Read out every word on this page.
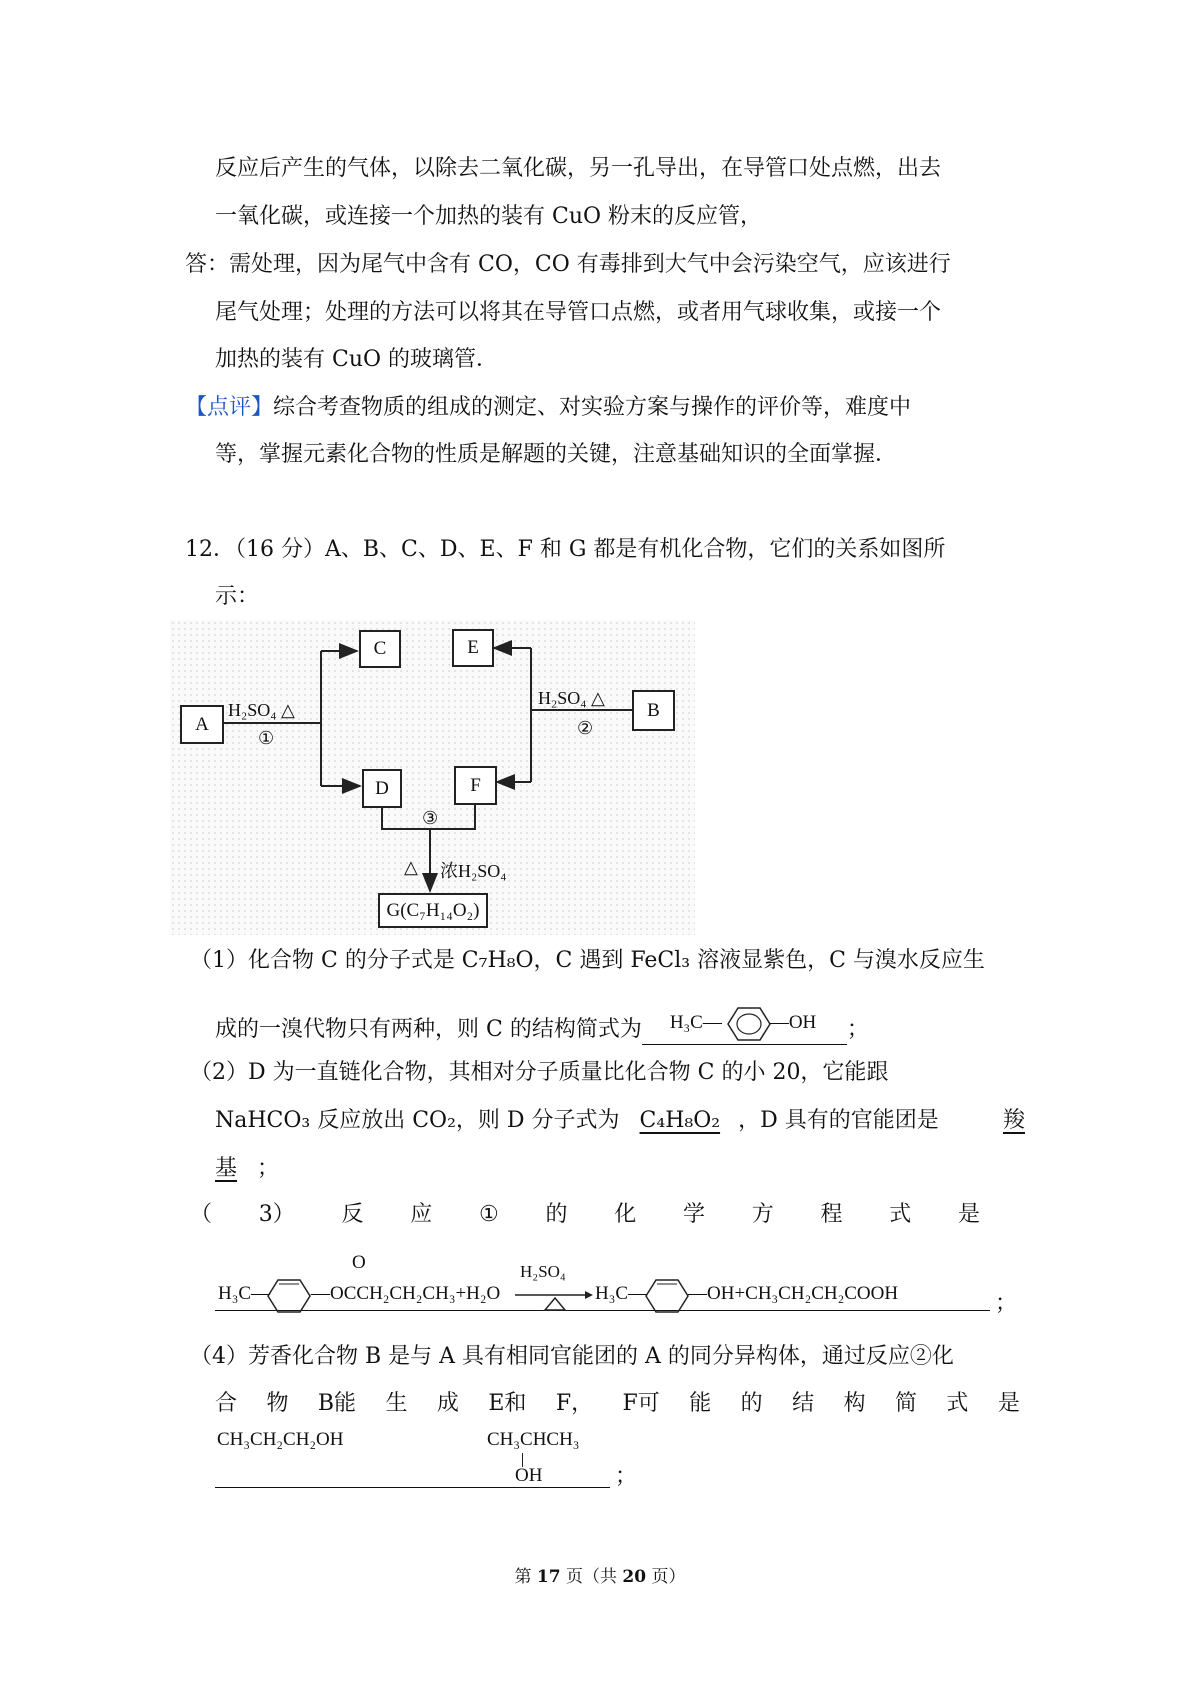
反应后产生的气体，以除去二氧化碳，另一孔导出，在导管口处点燃，出去
一氧化碳，或连接一个加热的装有 CuO 粉末的反应管，
答：需处理，因为尾气中含有 CO，CO 有毒排到大气中会污染空气，应该进行
尾气处理；处理的方法可以将其在导管口点燃，或者用气球收集，或接一个
加热的装有 CuO 的玻璃管．
【点评】综合考查物质的组成的测定、对实验方案与操作的评价等，难度中
等，掌握元素化合物的性质是解题的关键，注意基础知识的全面掌握．
12．（16 分）A、B、C、D、E、F 和 G 都是有机化合物，它们的关系如图所
示：
A
C	E
B
D	F
G(C₇H₁₄O₂)
H₂SO₄ △
①
H₂SO₄ △
②
③
△ 浓H₂SO₄
（1）化合物 C 的分子式是 C₇H₈O，C 遇到 FeCl₃ 溶液显紫色，C 与溴水反应生
成的一溴代物只有两种，则 C 的结构简式为 H₃C—	—OH ；
（2）D 为一直链化合物，其相对分子质量比化合物 C 的小 20，它能跟
NaHCO₃ 反应放出 CO₂，则 D 分子式为 C₄H₈O₂ ，D 具有的官能团是	羧
基 ；
（ 3） 反 应 ① 的 化 学 方 程 式 是
H₃C—
O
—OCCH₂CH₂CH₃+H₂O
H₂SO₄
H₃C— —OH+CH₃CH₂CH₂COOH	；
（4）芳香化合物 B 是与 A 具有相同官能团的 A 的同分异构体，通过反应②化
合 物 B能 生 成 E和 F， F可 能 的 结 构 简 式 是
CH₃CH₂CH₂OH	CH₃CHCH₃
OH	；
第 17 页（共 20 页）
